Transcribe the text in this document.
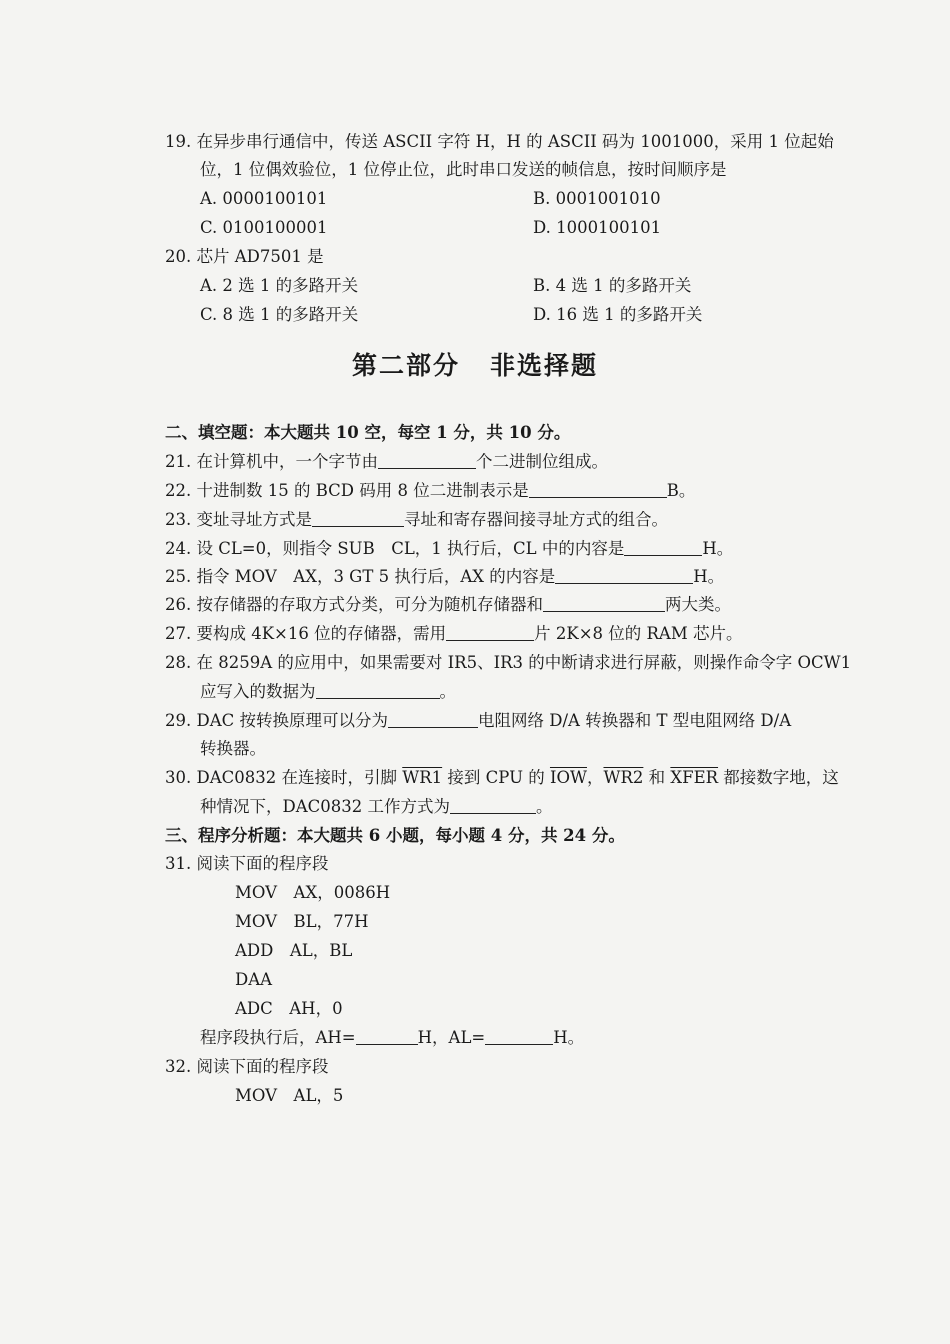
19. 在异步串行通信中，传送 ASCII 字符 H，H 的 ASCII 码为 1001000，采用 1 位起始
位，1 位偶效验位，1 位停止位，此时串口发送的帧信息，按时间顺序是
A. 0000100101	B. 0001001010
C. 0100100001	D. 1000100101
20. 芯片 AD7501 是
A. 2 选 1 的多路开关	B. 4 选 1 的多路开关
C. 8 选 1 的多路开关	D. 16 选 1 的多路开关
第二部分 非选择题
二、填空题：本大题共 10 空，每空 1 分，共 10 分。
21. 在计算机中，一个字节由	个二进制位组成。
22. 十进制数 15 的 BCD 码用 8 位二进制表示是	B。
23. 变址寻址方式是	寻址和寄存器间接寻址方式的组合。
24. 设 CL=0，则指令 SUB　CL，1 执行后，CL 中的内容是	H。
25. 指令 MOV　AX，3 GT 5 执行后，AX 的内容是	H。
26. 按存储器的存取方式分类，可分为随机存储器和	两大类。
27. 要构成 4K×16 位的存储器，需用	片 2K×8 位的 RAM 芯片。
28. 在 8259A 的应用中，如果需要对 IR5、IR3 的中断请求进行屏蔽，则操作命令字 OCW1
应写入的数据为	。
29. DAC 按转换原理可以分为	电阻网络 D/A 转换器和 T 型电阻网络 D/A
转换器。
30. DAC0832 在连接时，引脚 WR1 接到 CPU 的 $\overline{IOW}$，WR2 和 XFER 都接数字地，这
种情况下，DAC0832 工作方式为	。
三、程序分析题：本大题共 6 小题，每小题 4 分，共 24 分。
31. 阅读下面的程序段
MOV　AX，0086H
MOV　BL，77H
ADD　AL，BL
DAA
ADC　AH，0
程序段执行后，AH=	H，AL=	H。
32. 阅读下面的程序段
MOV　AL，5
